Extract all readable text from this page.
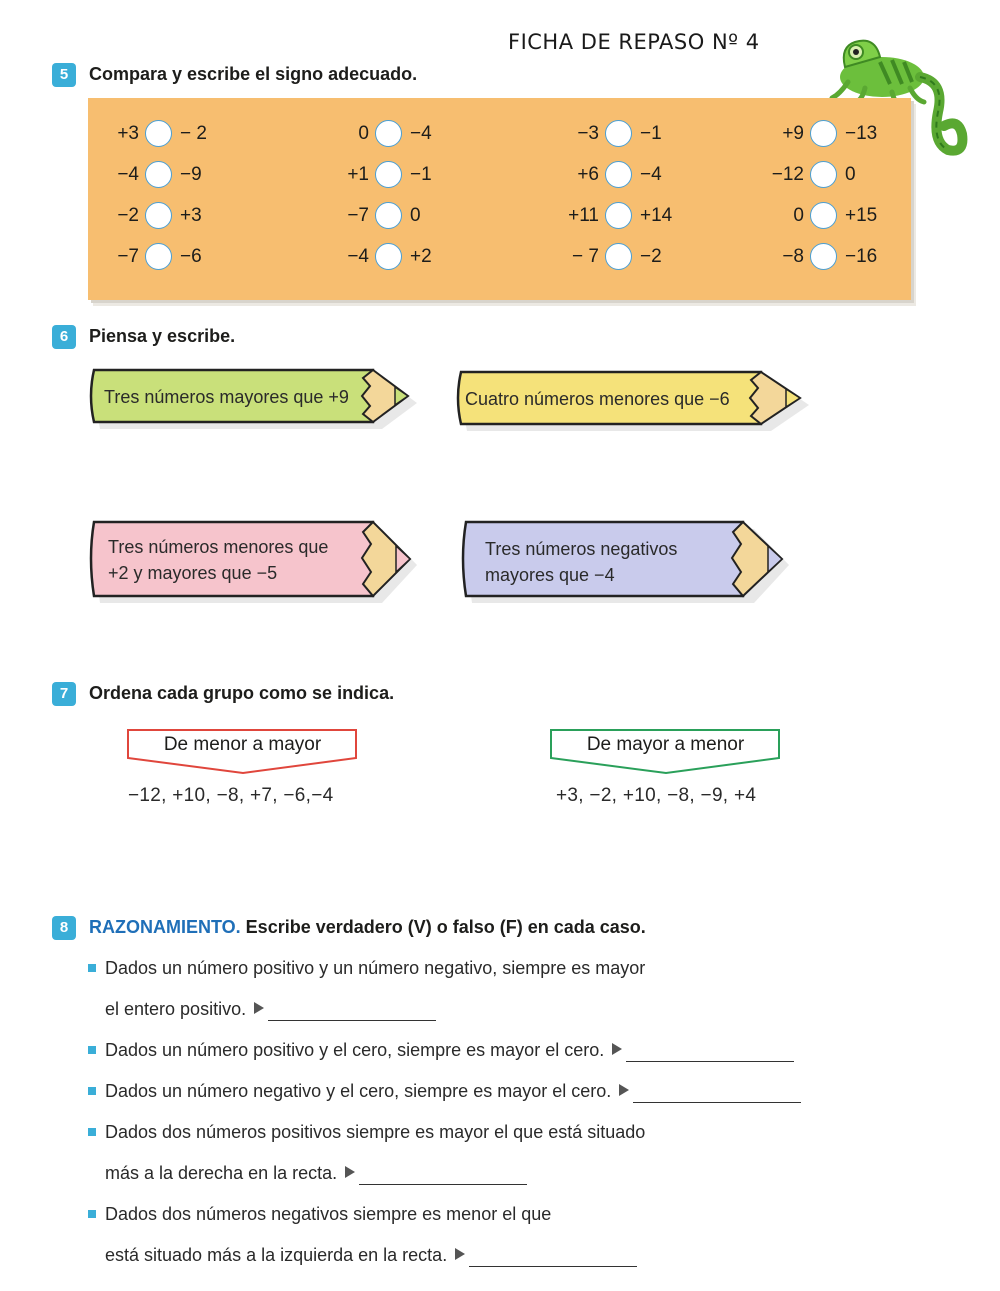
FICHA DE REPASO Nº 4
5	Compara y escribe el signo adecuado.
+3 − 2	0 −4	−3 −1	+9 −13
−4 −9	+1 −1	+6 −4	−12 0
−2 +3	−7 0	+11 +14	0 +15
−7 −6	−4 +2	− 7 −2	−8 −16
6	Piensa y escribe.
Tres números mayores que +9	Cuatro números menores que −6
Tres números menores que
+2 y mayores que −5
Tres números negativos
mayores que −4
7	Ordena cada grupo como se indica.
De menor a mayor
−12, +10, −8, +7, −6,−4
De mayor a menor
+3, −2, +10, −8, −9, +4
8	RAZONAMIENTO. Escribe verdadero (V) o falso (F) en cada caso.
Dados un número positivo y un número negativo, siempre es mayor
el entero positivo.
Dados un número positivo y el cero, siempre es mayor el cero.
Dados un número negativo y el cero, siempre es mayor el cero.
Dados dos números positivos siempre es mayor el que está situado
más a la derecha en la recta.
Dados dos números negativos siempre es menor el que
está situado más a la izquierda en la recta.
